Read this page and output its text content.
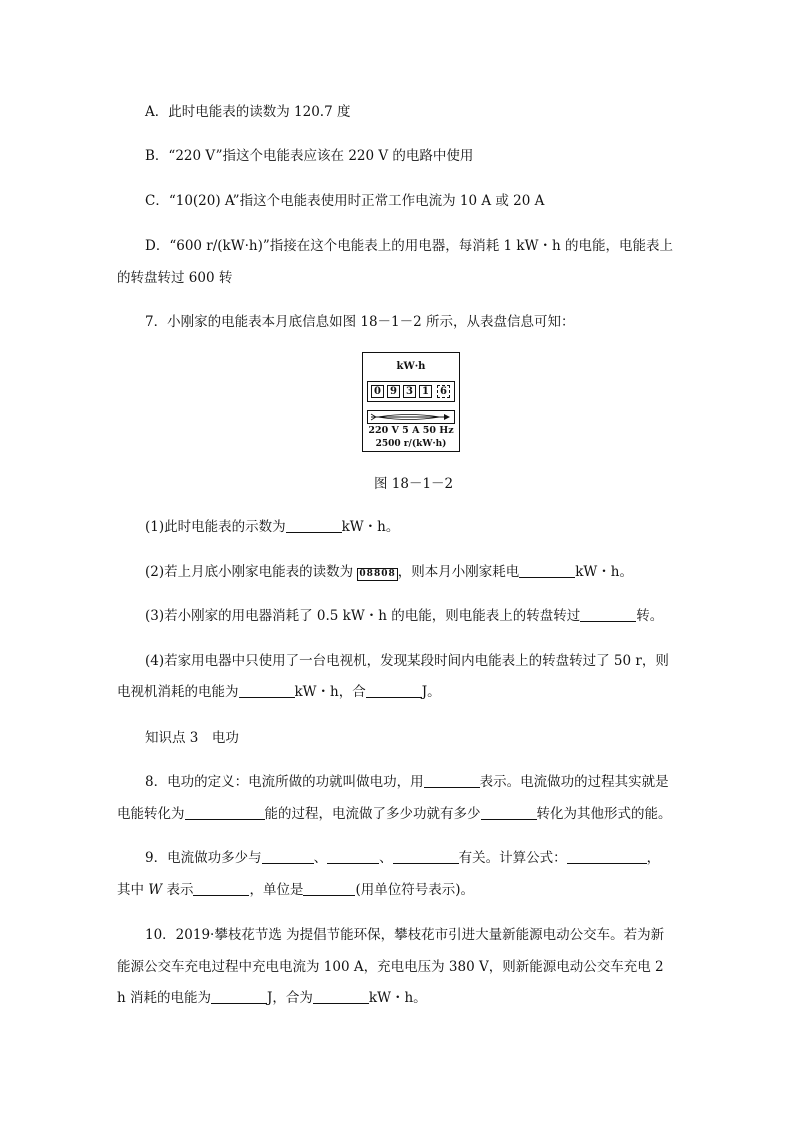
A．此时电能表的读数为 120.7 度
B．“220 V”指这个电能表应该在 220 V 的电路中使用
C．“10(20) A”指这个电能表使用时正常工作电流为 10 A 或 20 A
D．“600 r/(kW·h)”指接在这个电能表上的用电器，每消耗 1 kW・h 的电能，电能表上
的转盘转过 600 转
7．小刚家的电能表本月底信息如图 18－1－2 所示，从表盘信息可知：
kW·h
0 9 3 1	6
220 V 5 A 50 Hz
2500 r/(kW·h)
图 18－1－2
(1)此时电能表的示数为	kW・h。
(2)若上月底小刚家电能表的读数为 08808 ，则本月小刚家耗电	kW・h。
(3)若小刚家的用电器消耗了 0.5 kW・h 的电能，则电能表上的转盘转过	转。
(4)若家用电器中只使用了一台电视机，发现某段时间内电能表上的转盘转过了 50 r，则
电视机消耗的电能为	kW・h，合	J。
知识点 3　电功
8．电功的定义：电流所做的功就叫做电功，用	表示。电流做功的过程其实就是
电能转化为	能的过程，电流做了多少功就有多少	转化为其他形式的能。
9．电流做功多少与	、	、	有关。计算公式：	，
其中 W 表示	，单位是	(用单位符号表示)。
10．2019·攀枝花节选 为提倡节能环保，攀枝花市引进大量新能源电动公交车。若为新
能源公交车充电过程中充电电流为 100 A，充电电压为 380 V，则新能源电动公交车充电 2
h 消耗的电能为	J，合为	kW・h。
